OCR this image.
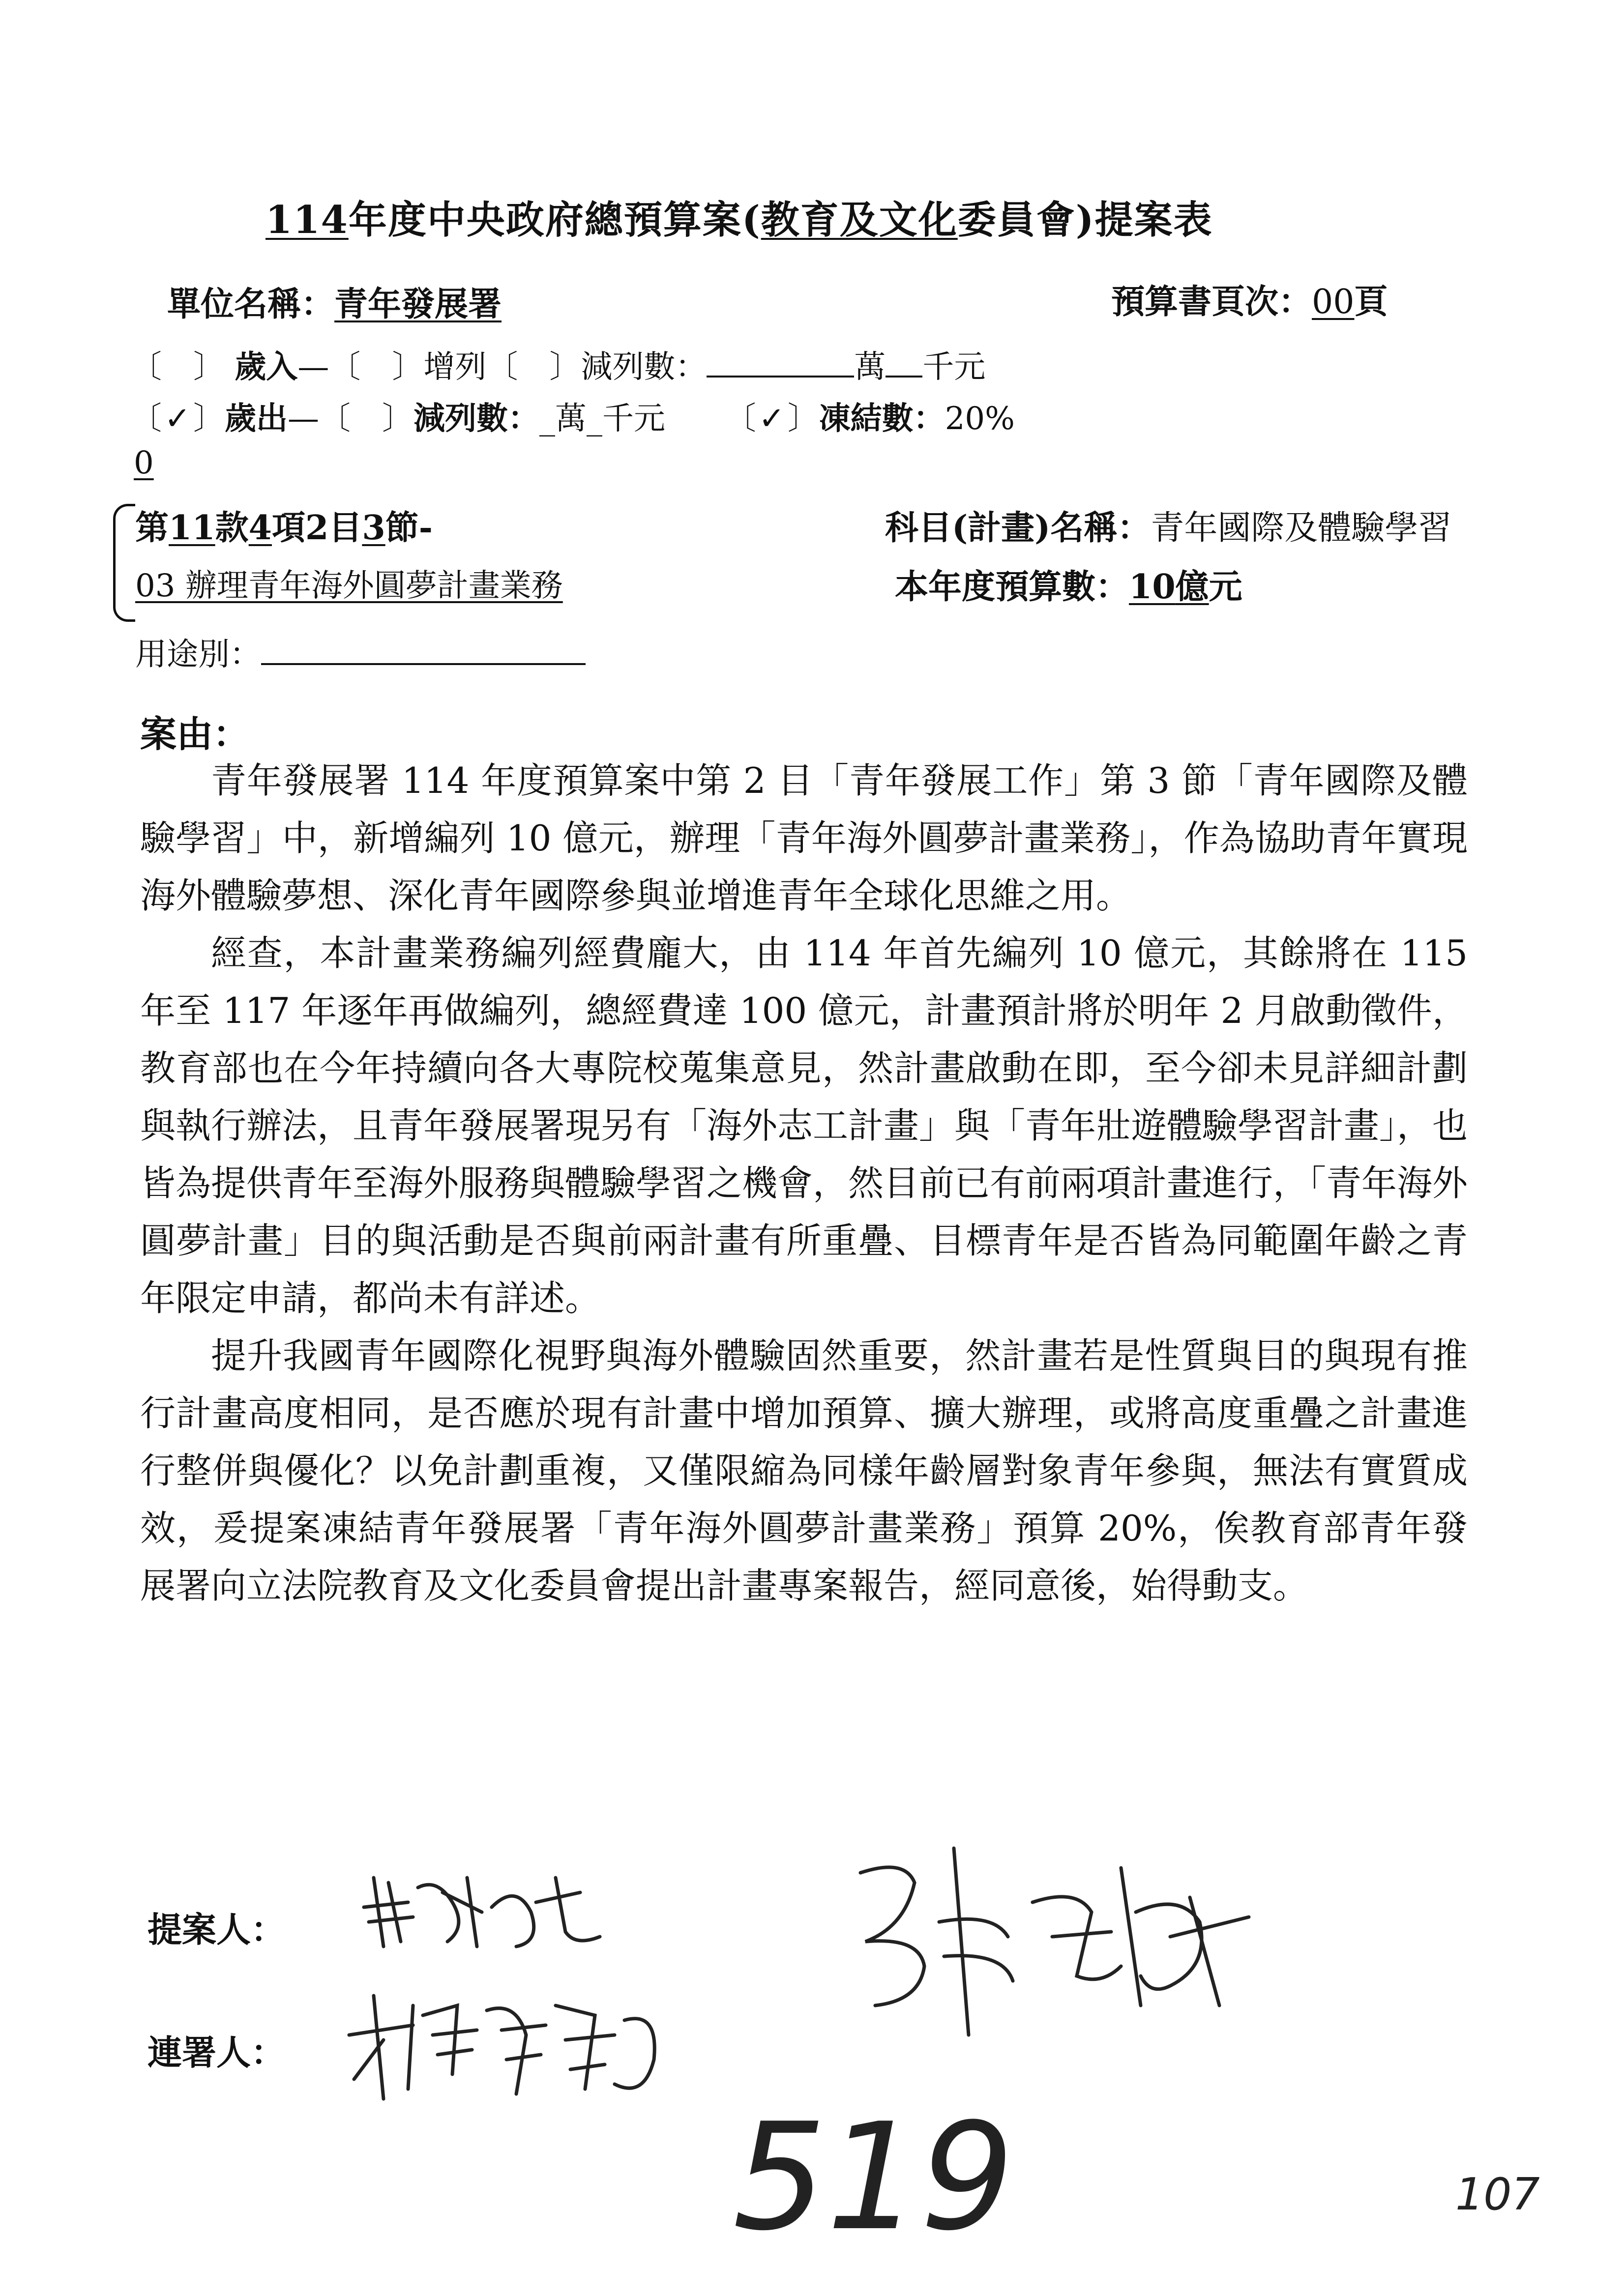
114年度中央政府總預算案(教育及文化委員會)提案表
單位名稱：青年發展署	預算書頁次：00頁
〔 〕 歲入—〔 〕增列〔 〕減列數：	萬 千元
〔✓〕歲出—〔 〕減列數：_萬_千元 〔✓〕凍結數：20%
0
第11款4項2目3節-
03 辦理青年海外圓夢計畫業務
科目(計畫)名稱：青年國際及體驗學習
本年度預算數：10億元
用途別：
案由：

青年發展署 114 年度預算案中第 2 目「青年發展工作」第 3 節「青年國際及體驗學習」中，新增編列 10 億元，辦理「青年海外圓夢計畫業務」，作為協助青年實現海外體驗夢想、深化青年國際參與並增進青年全球化思維之用。

經查，本計畫業務編列經費龐大，由 114 年首先編列 10 億元，其餘將在 115 年至 117 年逐年再做編列，總經費達 100 億元，計畫預計將於明年 2 月啟動徵件，教育部也在今年持續向各大專院校蒐集意見，然計畫啟動在即，至今卻未見詳細計劃與執行辦法，且青年發展署現另有「海外志工計畫」與「青年壯遊體驗學習計畫」，也皆為提供青年至海外服務與體驗學習之機會，然目前已有前兩項計畫進行，「青年海外圓夢計畫」目的與活動是否與前兩計畫有所重疊、目標青年是否皆為同範圍年齡之青年限定申請，都尚未有詳述。

提升我國青年國際化視野與海外體驗固然重要，然計畫若是性質與目的與現有推行計畫高度相同，是否應於現有計畫中增加預算、擴大辦理，或將高度重疊之計畫進行整併與優化？以免計劃重複，又僅限縮為同樣年齡層對象青年參與，無法有實質成效，爰提案凍結青年發展署「青年海外圓夢計畫業務」預算 20%，俟教育部青年發展署向立法院教育及文化委員會提出計畫專案報告，經同意後，始得動支。

提案人：
連署人：
519	107
